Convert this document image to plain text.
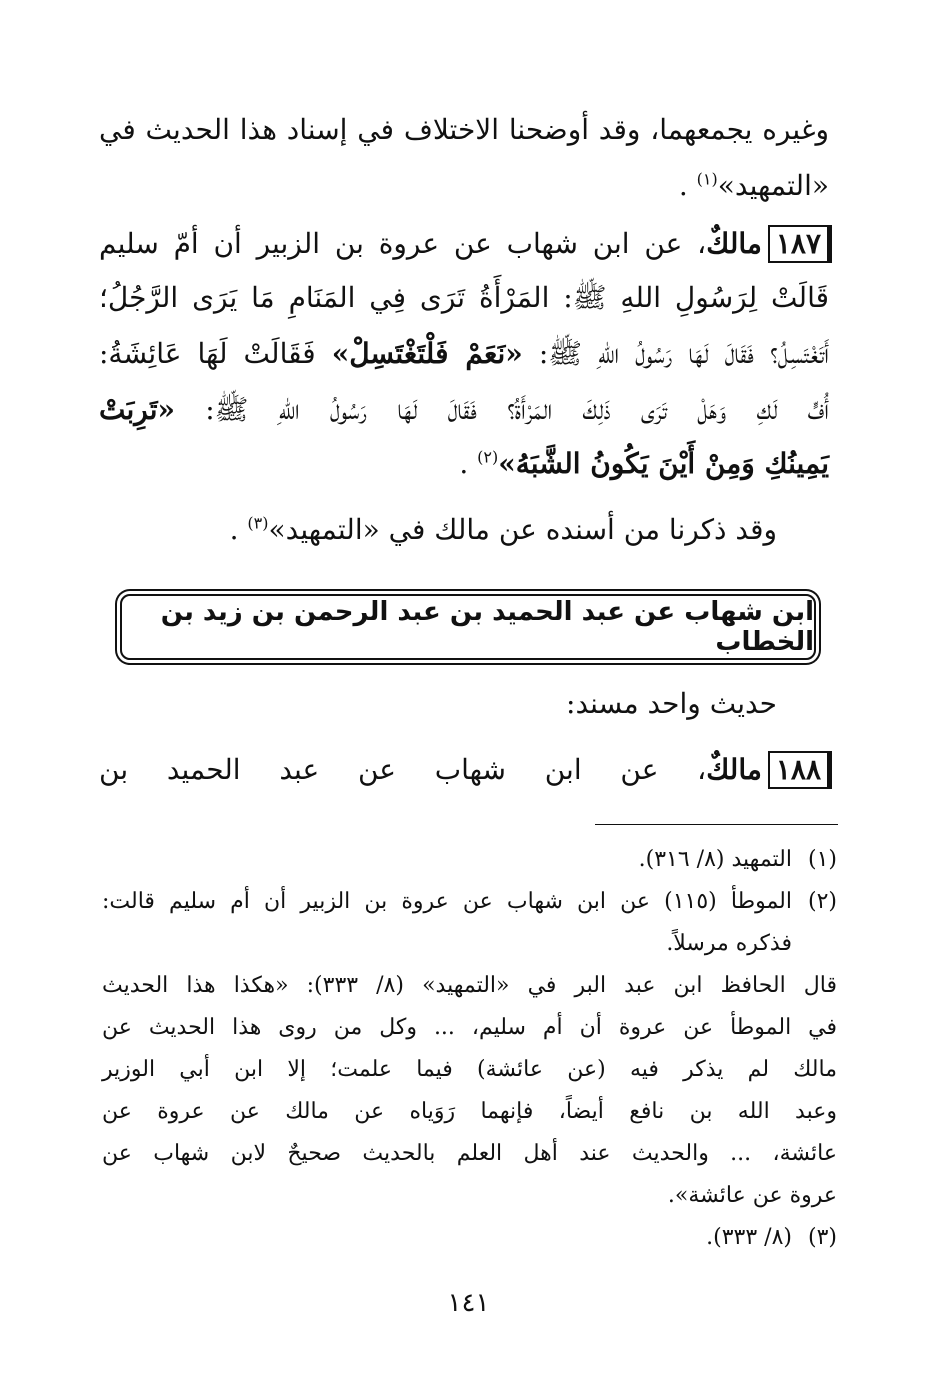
وغيره يجمعهما، وقد أوضحنا الاختلاف في إسناد هذا الحديث في
«التمهيد»$^{(١)}$ .
١٨٧مالكٌ، عن ابن شهاب عن عروة بن الزبير أن أمّ سليم
قَالَتْ لِرَسُولِ اللهِ ﷺ: المَرْأَةُ تَرَى فِي المَنَامِ مَا يَرَى الرَّجُلُ؛
أَتَغْتَسِلُ؟ فَقَالَ لَهَا رَسُولُ اللهِ ﷺ: «نَعَمْ فَلْتَغْتَسِلْ» فَقَالَتْ لَهَا عَائِشَةُ:
أُفٍّ لَكِ وَهَلْ تَرَى ذَلِكَ المَرْأَةُ؟ فَقَالَ لَهَا رَسُولُ اللهِ ﷺ: «تَرِبَتْ
يَمِينُكِ وَمِنْ أَيْنَ يَكُونُ الشَّبَهُ»$^{(٢)}$ .
وقد ذكرنا من أسنده عن مالك في «التمهيد»$^{(٣)}$ .
ابن شهاب عن عبد الحميد بن عبد الرحمن بن زيد بن الخطاب
حديث واحد مسند:
١٨٨مالكٌ، عن ابن شهاب عن عبد الحميد بن
(١)التمهيد (٨/ ٣١٦).
(٢)الموطأ (١١٥) عن ابن شهاب عن عروة بن الزبير أن أم سليم قالت:
فذكره مرسلاً.
قال الحافظ ابن عبد البر في «التمهيد» (٨/ ٣٣٣): «هكذا هذا الحديث
في الموطأ عن عروة أن أم سليم، ... وكل من روى هذا الحديث عن
مالك لم يذكر فيه (عن عائشة) فيما علمت؛ إلا ابن أبي الوزير
وعبد الله بن نافع أيضاً، فإنهما رَوَياه عن مالك عن عروة عن
عائشة، ... والحديث عند أهل العلم بالحديث صحيحٌ لابن شهاب عن
عروة عن عائشة».
(٣)(٨/ ٣٣٣).
١٤١
